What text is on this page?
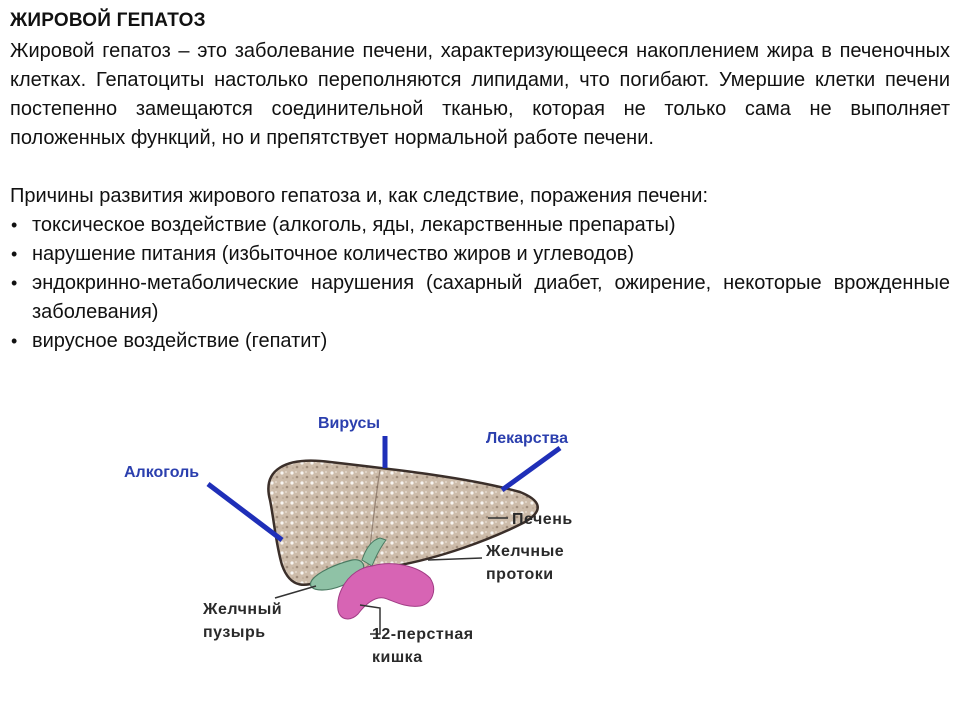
ЖИРОВОЙ ГЕПАТОЗ
Жировой гепатоз – это заболевание печени, характеризующееся накоплением жира в печеночных клетках. Гепатоциты настолько переполняются липидами, что погибают. Умершие клетки печени постепенно замещаются соединительной тканью, которая не только сама не выполняет положенных функций, но и препятствует нормальной работе печени.
Причины развития жирового гепатоза и, как следствие, поражения печени:
• токсическое воздействие (алкоголь, яды, лекарственные препараты)
• нарушение питания (избыточное количество жиров и углеводов)
• эндокринно-метаболические нарушения (сахарный диабет, ожирение, некоторые врожденные заболевания)
• вирусное воздействие (гепатит)
Вирусы
Лекарства
Алкоголь
Печень
Желчные
протоки
Желчный
пузырь	12-перстная
кишка
